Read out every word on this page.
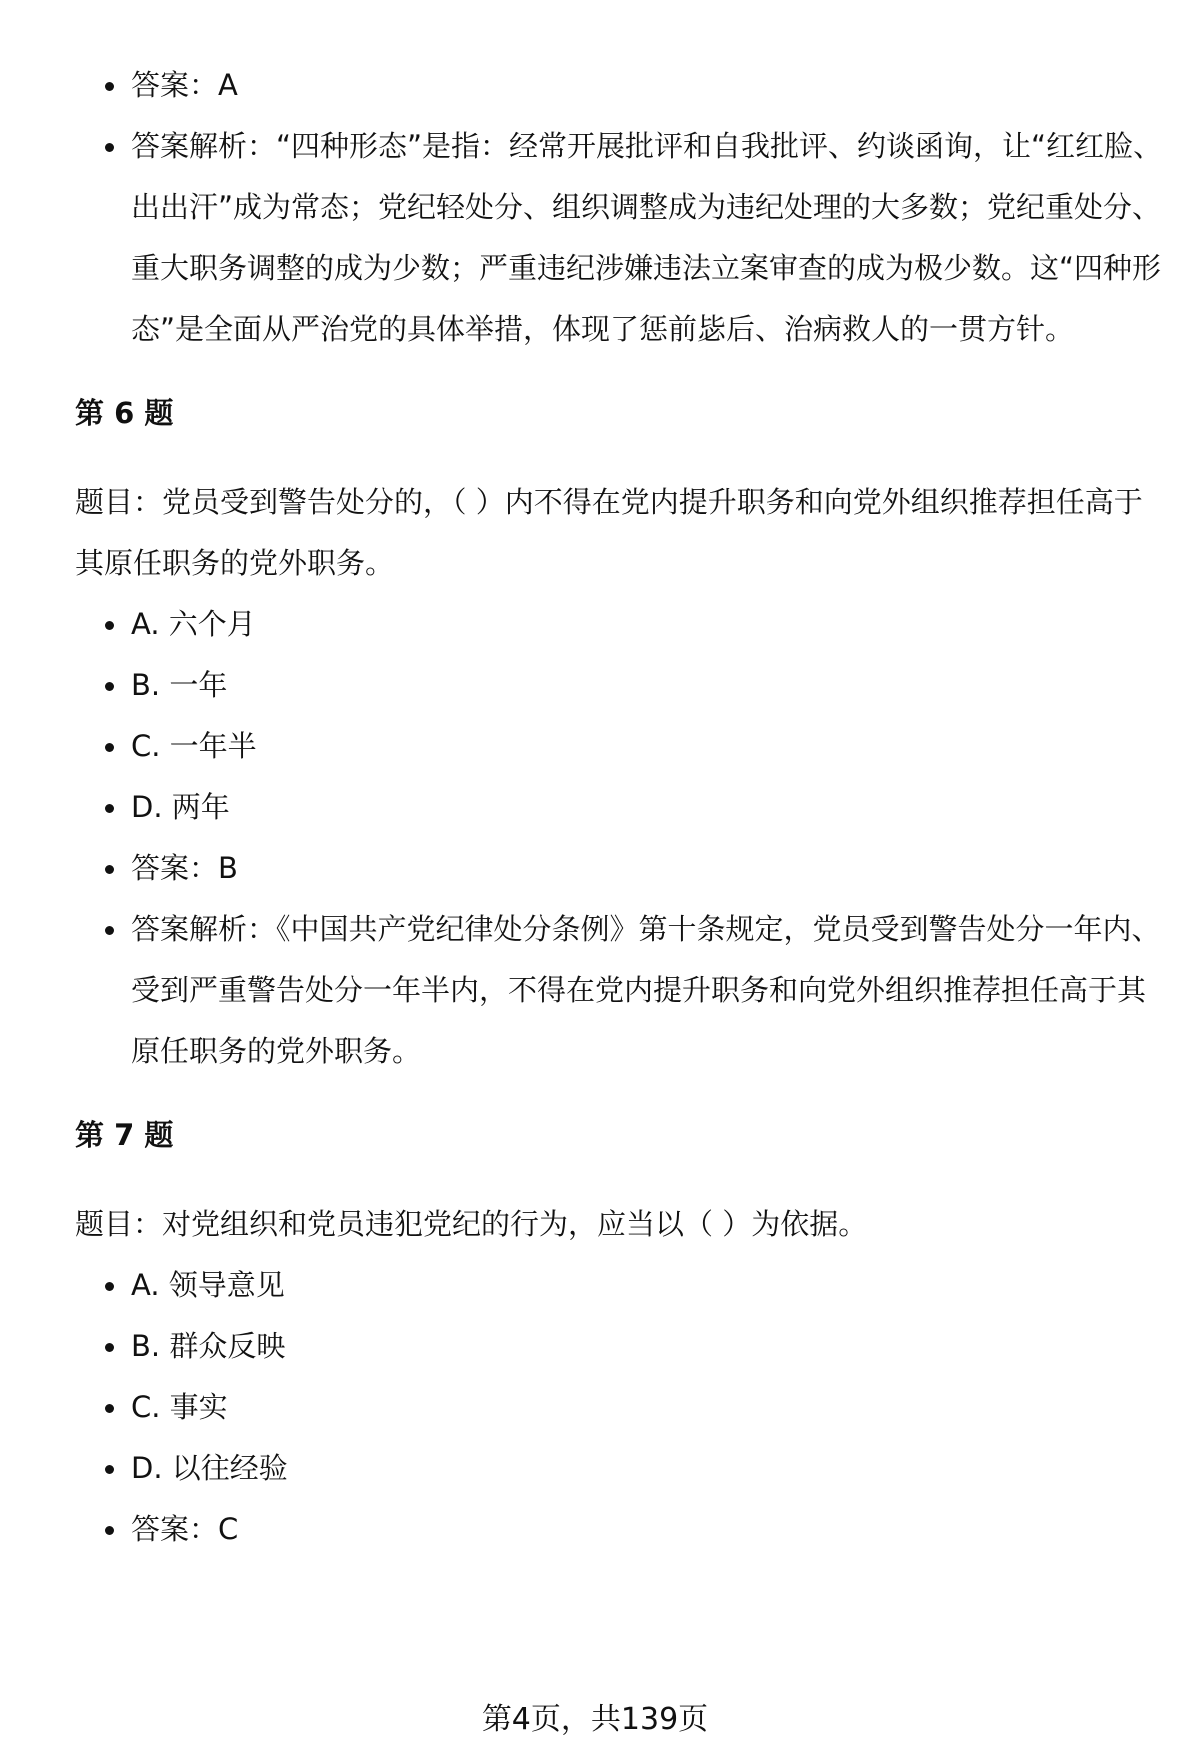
答案：A
答案解析：“四种形态”是指：经常开展批评和自我批评、约谈函询，让“红红脸、出出汗”成为常态；党纪轻处分、组织调整成为违纪处理的大多数；党纪重处分、重大职务调整的成为少数；严重违纪涉嫌违法立案审查的成为极少数。这“四种形态”是全面从严治党的具体举措，体现了惩前毖后、治病救人的一贯方针。
第 6 题

题目：党员受到警告处分的，（ ）内不得在党内提升职务和向党外组织推荐担任高于其原任职务的党外职务。

A. 六个月
B. 一年
C. 一年半
D. 两年
答案：B
答案解析：《中国共产党纪律处分条例》第十条规定，党员受到警告处分一年内、受到严重警告处分一年半内，不得在党内提升职务和向党外组织推荐担任高于其原任职务的党外职务。
第 7 题

题目：对党组织和党员违犯党纪的行为，应当以（ ）为依据。

A. 领导意见
B. 群众反映
C. 事实
D. 以往经验
答案：C
第4页，共139页
